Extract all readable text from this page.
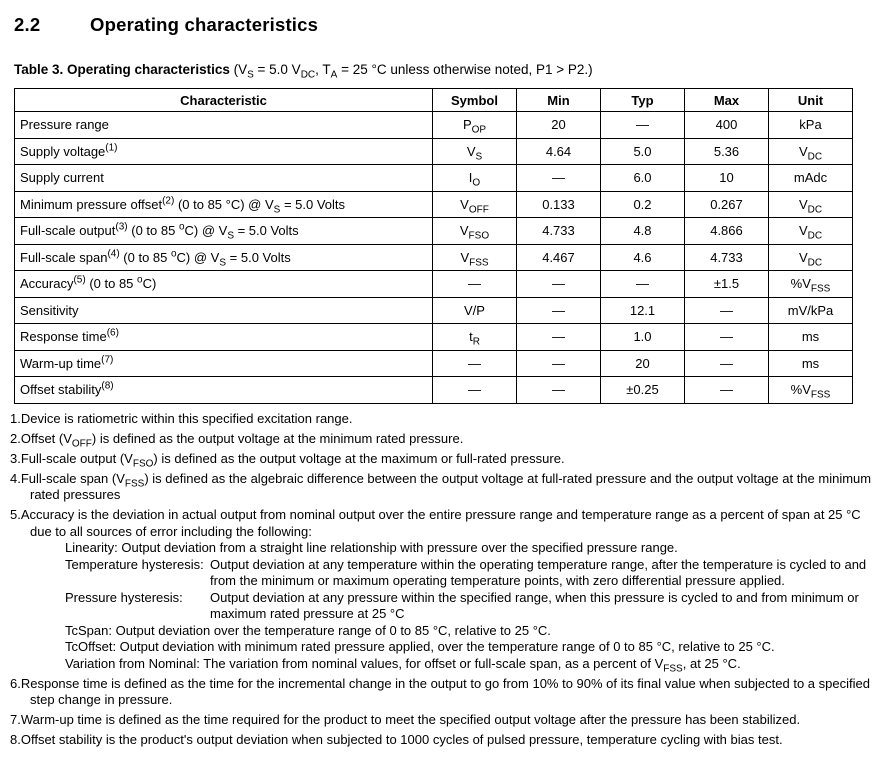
2.2	Operating characteristics

Table 3. Operating characteristics ($V_S = 5.0$ $V_{DC}$, $T_A = 25$ °C unless otherwise noted, P1 > P2.)

Characteristic	Symbol	Min	Typ	Max	Unit
Pressure range	$P_{OP}$	20	—	400	kPa
Supply voltage$^{(1)}$	$V_S$	4.64	5.0	5.36	$V_{DC}$
Supply current	$I_O$	—	6.0	10	mAdc
Minimum pressure offset$^{(2)}$ (0 to 85 °C) @ $V_S = 5.0$ Volts	$V_{OFF}$	0.133	0.2	0.267	$V_{DC}$
Full-scale output$^{(3)}$ (0 to 85 $^o$C) @ $V_S = 5.0$ Volts	$V_{FSO}$	4.733	4.8	4.866	$V_{DC}$
Full-scale span$^{(4)}$ (0 to 85 $^o$C) @ $V_S = 5.0$ Volts	$V_{FSS}$	4.467	4.6	4.733	$V_{DC}$
Accuracy$^{(5)}$ (0 to 85 $^o$C)	—	—	—	±1.5	$\%V_{FSS}$
Sensitivity	V/P	—	12.1	—	mV/kPa
Response time$^{(6)}$	$t_R$	—	1.0	—	ms
Warm-up time$^{(7)}$	—	—	20	—	ms
Offset stability$^{(8)}$	—	—	±0.25	—	$\%V_{FSS}$
1.Device is ratiometric within this specified excitation range.
2.Offset $(V_{OFF})$ is defined as the output voltage at the minimum rated pressure.
3.Full-scale output $(V_{FSO})$ is defined as the output voltage at the maximum or full-rated pressure.
4.Full-scale span $(V_{FSS})$ is defined as the algebraic difference between the output voltage at full-rated pressure and the output voltage at the minimum rated pressures
5.Accuracy is the deviation in actual output from nominal output over the entire pressure range and temperature range as a percent of span at 25 °C due to all sources of error including the following:
Linearity: Output deviation from a straight line relationship with pressure over the specified pressure range.
Temperature hysteresis: Output deviation at any temperature within the operating temperature range, after the temperature is cycled to and from the minimum or maximum operating temperature points, with zero differential pressure applied.
Pressure hysteresis:	Output deviation at any pressure within the specified range, when this pressure is cycled to and from minimum or maximum rated pressure at 25 °C
TcSpan: Output deviation over the temperature range of 0 to 85 °C, relative to 25 °C.
TcOffset: Output deviation with minimum rated pressure applied, over the temperature range of 0 to 85 °C, relative to 25 °C.
Variation from Nominal: The variation from nominal values, for offset or full-scale span, as a percent of $V_{FSS}$, at 25 °C.
6.Response time is defined as the time for the incremental change in the output to go from 10% to 90% of its final value when subjected to a specified step change in pressure.
7.Warm-up time is defined as the time required for the product to meet the specified output voltage after the pressure has been stabilized.
8.Offset stability is the product's output deviation when subjected to 1000 cycles of pulsed pressure, temperature cycling with bias test.
